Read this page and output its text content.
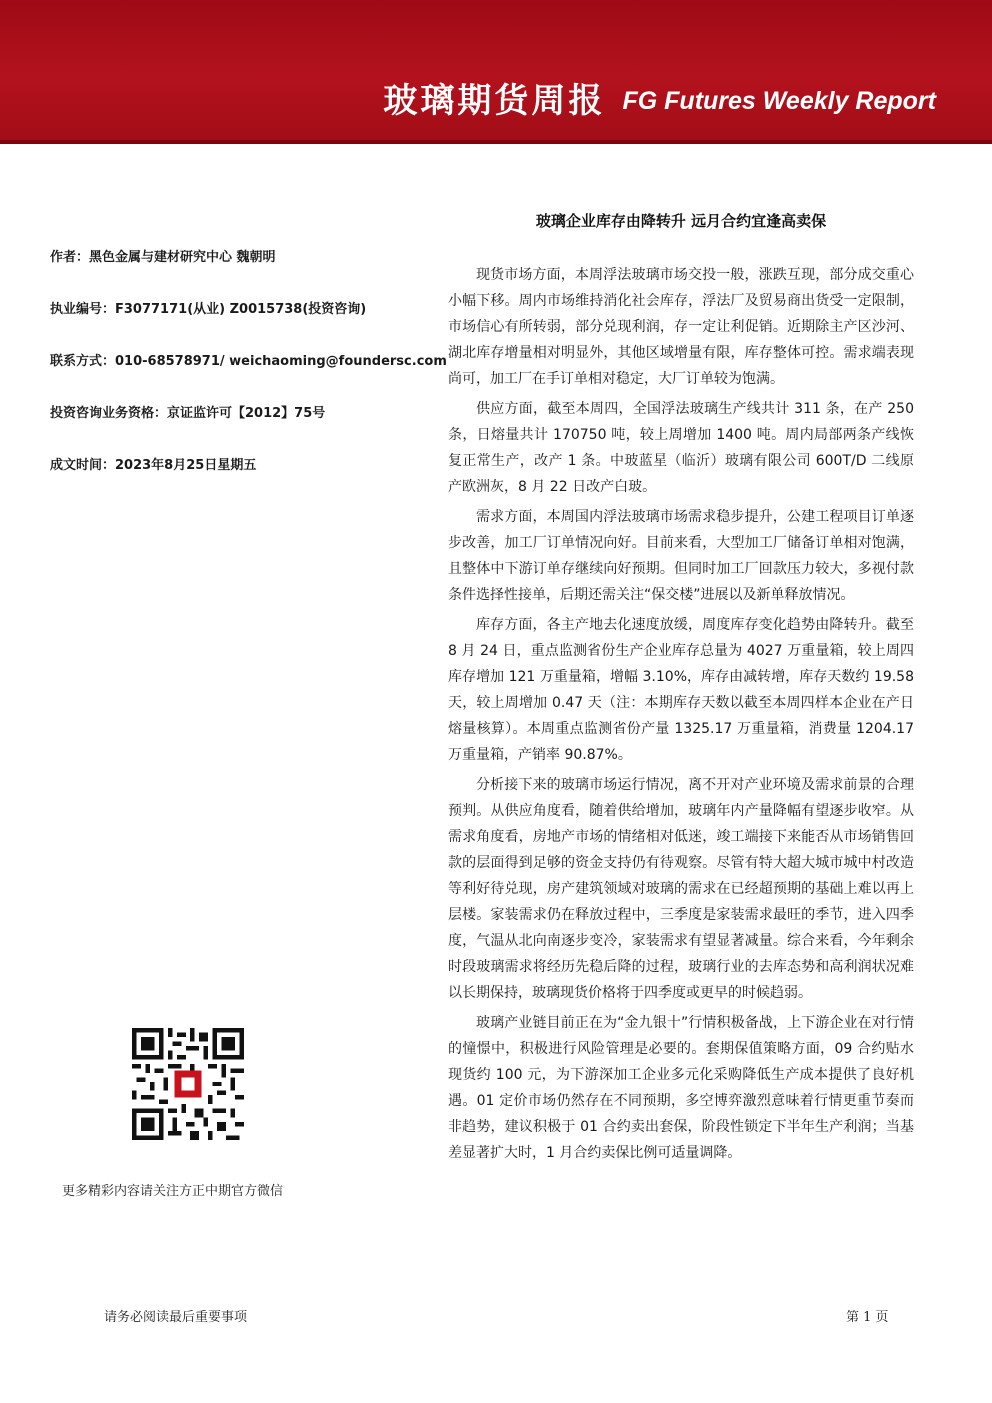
玻璃期货周报 FG Futures Weekly Report
作者：黑色金属与建材研究中心 魏朝明
执业编号：F3077171(从业) Z0015738(投资咨询)
联系方式：010-68578971/ weichaoming@foundersc.com
投资咨询业务资格：京证监许可【2012】75号
成文时间：2023年8月25日星期五
玻璃企业库存由降转升 远月合约宜逢高卖保

现货市场方面，本周浮法玻璃市场交投一般，涨跌互现，部分成交重心小幅下移。周内市场维持消化社会库存，浮法厂及贸易商出货受一定限制，市场信心有所转弱，部分兑现利润，存一定让利促销。近期除主产区沙河、湖北库存增量相对明显外，其他区域增量有限，库存整体可控。需求端表现尚可，加工厂在手订单相对稳定，大厂订单较为饱满。

供应方面，截至本周四，全国浮法玻璃生产线共计 311 条，在产 250 条，日熔量共计 170750 吨，较上周增加 1400 吨。周内局部两条产线恢复正常生产，改产 1 条。中玻蓝星（临沂）玻璃有限公司 600T/D 二线原产欧洲灰，8 月 22 日改产白玻。

需求方面，本周国内浮法玻璃市场需求稳步提升，公建工程项目订单逐步改善，加工厂订单情况向好。目前来看，大型加工厂储备订单相对饱满，且整体中下游订单存继续向好预期。但同时加工厂回款压力较大，多视付款条件选择性接单，后期还需关注“保交楼”进展以及新单释放情况。

库存方面，各主产地去化速度放缓，周度库存变化趋势由降转升。截至 8 月 24 日，重点监测省份生产企业库存总量为 4027 万重量箱，较上周四库存增加 121 万重量箱，增幅 3.10%，库存由减转增，库存天数约 19.58 天，较上周增加 0.47 天（注：本期库存天数以截至本周四样本企业在产日熔量核算）。本周重点监测省份产量 1325.17 万重量箱，消费量 1204.17 万重量箱，产销率 90.87%。

分析接下来的玻璃市场运行情况，离不开对产业环境及需求前景的合理预判。从供应角度看，随着供给增加，玻璃年内产量降幅有望逐步收窄。从需求角度看，房地产市场的情绪相对低迷，竣工端接下来能否从市场销售回款的层面得到足够的资金支持仍有待观察。尽管有特大超大城市城中村改造等利好待兑现，房产建筑领域对玻璃的需求在已经超预期的基础上难以再上层楼。家装需求仍在释放过程中，三季度是家装需求最旺的季节，进入四季度，气温从北向南逐步变冷，家装需求有望显著减量。综合来看，今年剩余时段玻璃需求将经历先稳后降的过程，玻璃行业的去库态势和高利润状况难以长期保持，玻璃现货价格将于四季度或更早的时候趋弱。

玻璃产业链目前正在为“金九银十”行情积极备战，上下游企业在对行情的憧憬中，积极进行风险管理是必要的。套期保值策略方面，09 合约贴水现货约 100 元，为下游深加工企业多元化采购降低生产成本提供了良好机遇。01 定价市场仍然存在不同预期，多空博弈激烈意味着行情更重节奏而非趋势，建议积极于 01 合约卖出套保，阶段性锁定下半年生产利润；当基差显著扩大时，1 月合约卖保比例可适量调降。

更多精彩内容请关注方正中期官方微信
请务必阅读最后重要事项	第 1 页
